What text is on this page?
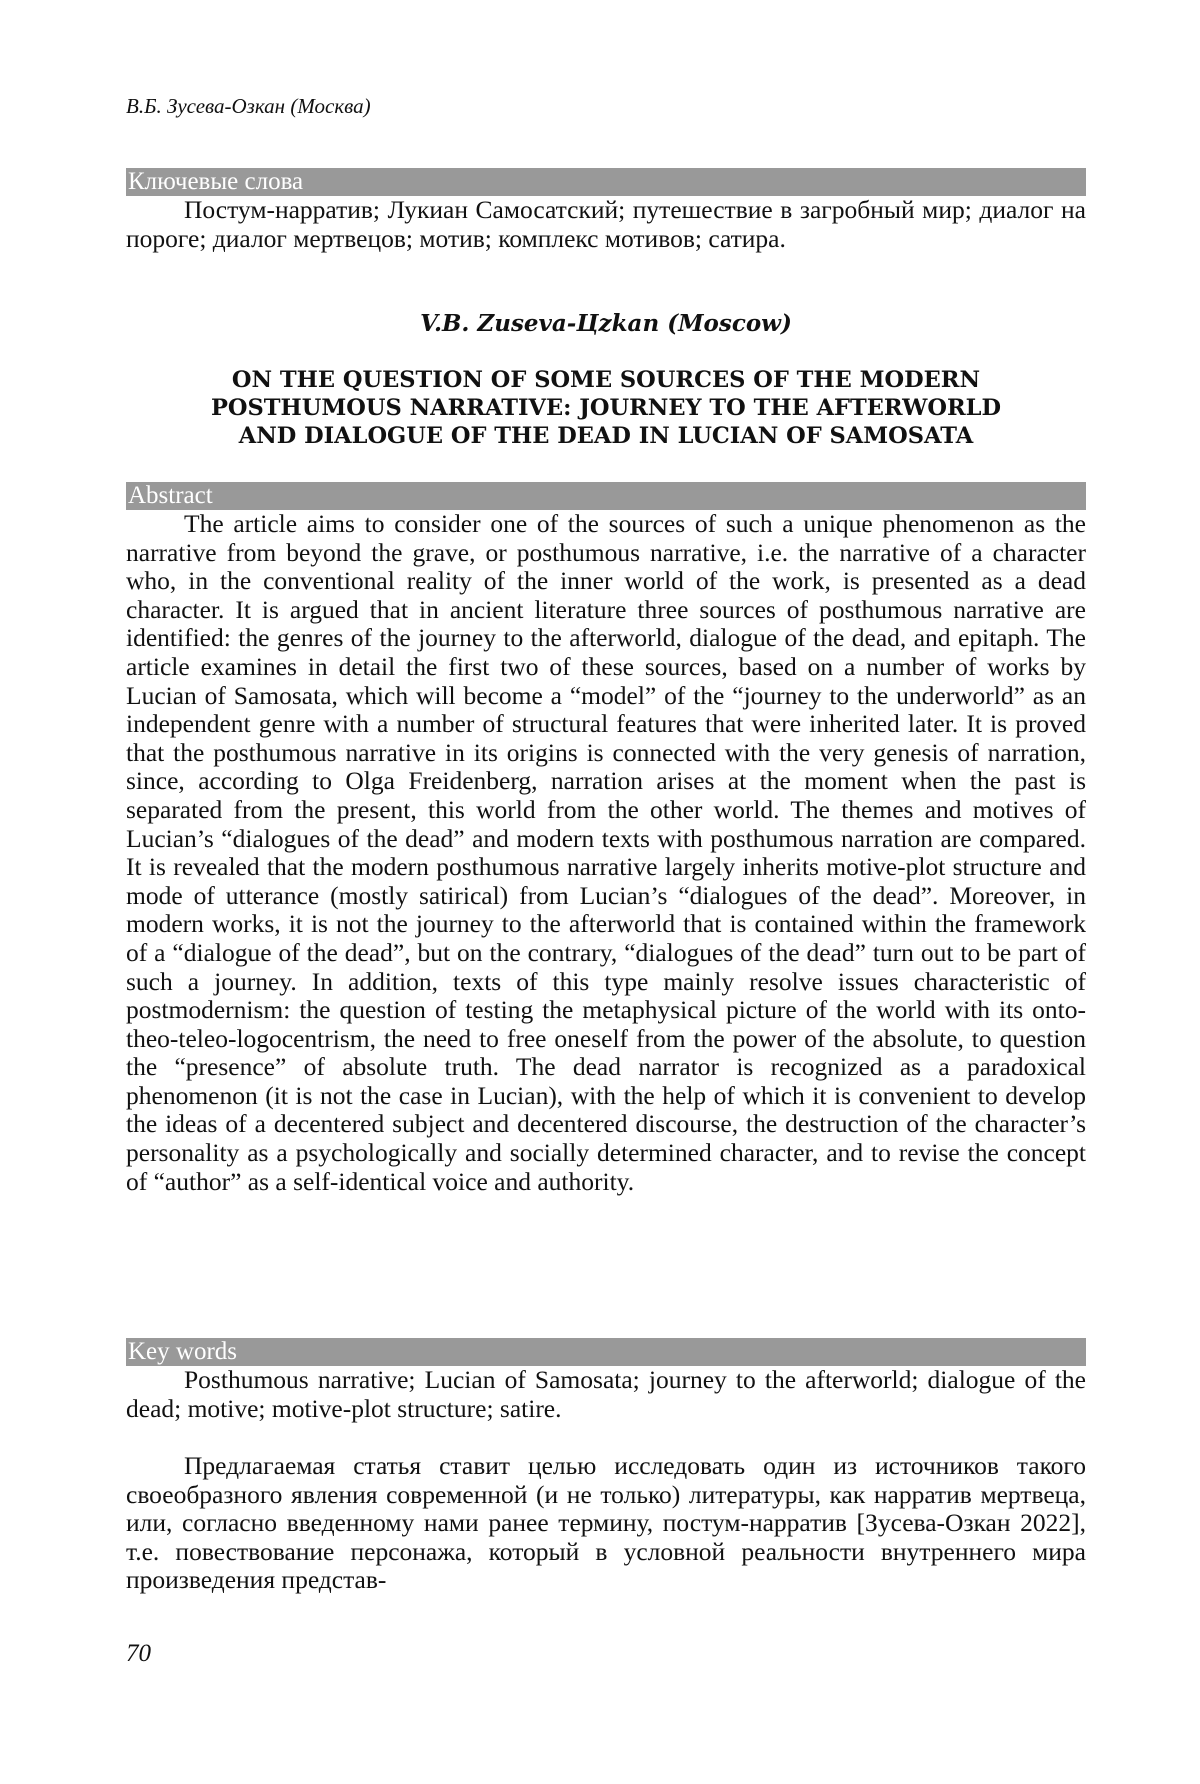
В.Б. Зусева-Озкан (Москва)
Ключевые слова

Постум-нарратив; Лукиан Самосатский; путешествие в загробный мир; диалог на пороге; диалог мертвецов; мотив; комплекс мотивов; сатира.

V.B. Zuseva-Цzkan (Moscow)

ON THE QUESTION OF SOME SOURCES OF THE MODERN

POSTHUMOUS NARRATIVE: JOURNEY TO THE AFTERWORLD

AND DIALOGUE OF THE DEAD IN LUCIAN OF SAMOSATA

Abstract

The article aims to consider one of the sources of such a unique phenomenon as the narrative from beyond the grave, or posthumous narrative, i.e. the narrative of a character who, in the conventional reality of the inner world of the work, is presented as a dead character. It is argued that in ancient literature three sources of posthumous narrative are identified: the genres of the journey to the afterworld, dialogue of the dead, and epitaph. The article examines in detail the first two of these sources, based on a number of works by Lucian of Samosata, which will become a “model” of the “journey to the underworld” as an independent genre with a number of structural features that were inherited later. It is proved that the posthumous narrative in its origins is connected with the very genesis of narration, since, according to Olga Freidenberg, narration arises at the moment when the past is separated from the present, this world from the other world. The themes and motives of Lucian’s “dialogues of the dead” and modern texts with posthumous narration are compared. It is revealed that the modern posthumous narrative largely inherits motive-plot structure and mode of utterance (mostly satirical) from Lucian’s “dialogues of the dead”. Moreover, in modern works, it is not the journey to the afterworld that is contained within the framework of a “dialogue of the dead”, but on the contrary, “dialogues of the dead” turn out to be part of such a journey. In addition, texts of this type mainly resolve issues characteristic of postmodernism: the question of testing the metaphysical picture of the world with its onto-theo-teleo-logocentrism, the need to free oneself from the power of the absolute, to question the “presence” of absolute truth. The dead narrator is recognized as a paradoxical phenomenon (it is not the case in Lucian), with the help of which it is convenient to develop the ideas of a decentered subject and decentered discourse, the destruction of the character’s personality as a psychologically and socially determined character, and to revise the concept of “author” as a self-identical voice and authority.

Key words

Posthumous narrative; Lucian of Samosata; journey to the afterworld; dialogue of the dead; motive; motive-plot structure; satire.

Предлагаемая статья ставит целью исследовать один из источников такого своеобразного явления современной (и не только) литературы, как нарратив мертвеца, или, согласно введенному нами ранее термину, постум-нарратив [Зусева-Озкан 2022], т.е. повествование персонажа, который в условной реальности внутреннего мира произведения представ-

70
